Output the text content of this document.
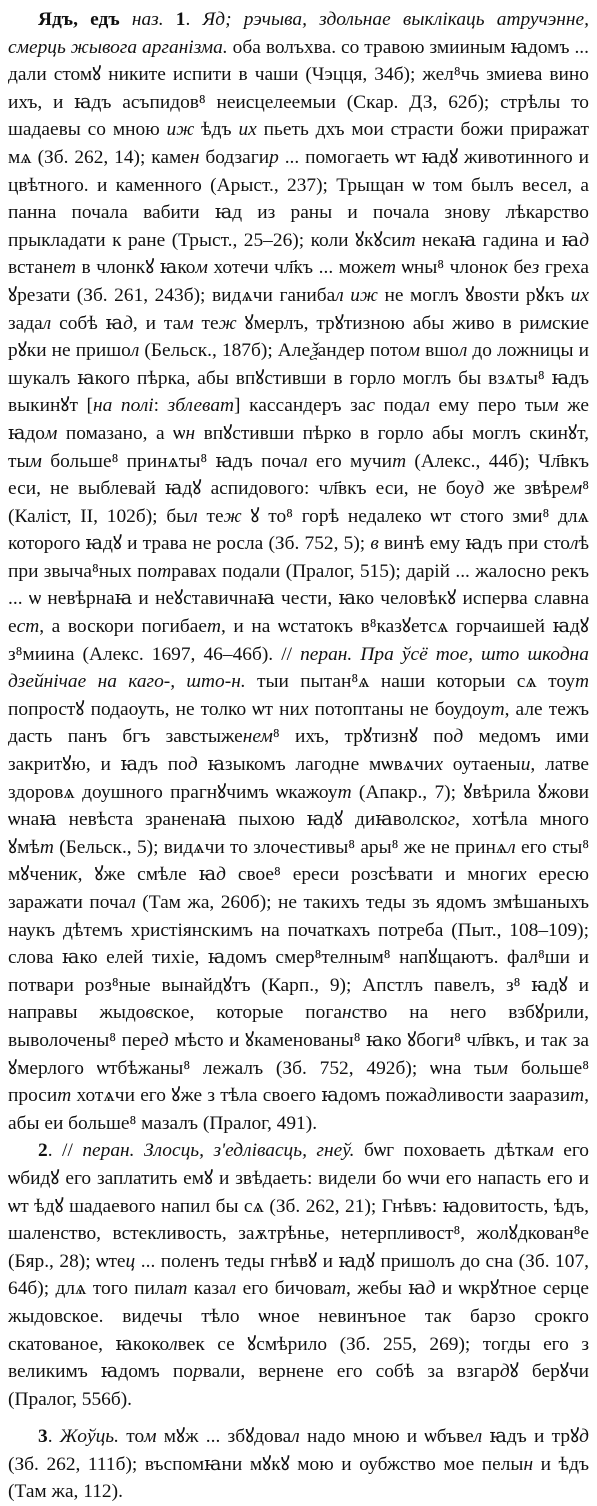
Ядъ, едъ наз. 1. Яд; рэчыва, здольнае выклікаць атручэнне, смерць жывога арганізма. оба волъхва. со травою змииным ꙗдомъ ... дали стомꙋ никите испити в чаши (Чэцця, 34б); жел⁸чь змиева вино ихъ, и ꙗдъ асъпидов⁸ неисцелеемыи (Скар. ДЗ, 62б); стрѣлы то шадаевы со мною иж ѣдъ их пьеть дхъ мои страсти божи приражат мѧ (Зб. 262, 14); камен бодзагир ... помогаеть ѡт ꙗдꙋ животинного и цвѣтного. и каменного (Арыст., 237); Трыщан ѡ том былъ весел, а панна почала вабити ꙗд из раны и почала знову лѣкарство прыкладати к ране (Трыст., 25–26); коли ꙋкꙋсит некаꙗ гадина и ꙗд встанет в члонкꙋ ꙗком хотечи чл҃къ ... может ѡны⁸ члонок без греха ꙋрезати (Зб. 261, 243б); видѧчи ганибал иж не моглъ ꙋвоѕти рꙋкъ их задал собѣ ꙗд, и там теж ꙋмерлъ, трꙋтизною абы живо в римские рꙋки не пришол (Бельск., 187б); Алеѯандер потом вшол до ложницы и шукалъ ꙗкого пѣрка, абы впꙋстивши в горло моглъ бы взѧты⁸ ꙗдъ выкинꙋт [на полі: зблеват] кассандеръ зас подал ему перо тым же ꙗдом помазано, а ѡн впꙋстивши пѣрко в горло абы моглъ скинꙋт, тым больше⁸ принѧты⁸ ꙗдъ почал его мучит (Алекс., 44б); Чл҃вкъ еси, не выблевай ꙗдꙋ аспидового: чл҃вкъ еси, не боуд же звѣрем⁸ (Каліст, II, 102б); был теж ꙋ то⁸ горѣ недалеко ѡт стого зми⁸ длѧ которого ꙗдꙋ и трава не росла (Зб. 752, 5); в винѣ ему ꙗдъ при столѣ при звыча⁸ных потравах подали (Пралог, 515); дарій ... жалосно рекъ ... ѡ невѣрнаꙗ и неꙋставичнаꙗ чести, ꙗко человѣкꙋ исперва славна ест, а воскори погибает, и на ѡстатокъ в⁸казꙋетсѧ горчаишей ꙗдꙋ з⁸миина (Алекс. 1697, 46–46б). // перан. Пра ўсё тое, што шкодна дзейнічае на каго-, што-н. тыи пытан⁸ѧ наши которыи сѧ тоут попростꙋ подаоуть, не толко ѡт них потоптаны не боудоут, але тежъ дасть панъ бгъ завстыженем⁸ ихъ, трꙋтизнꙋ под медомъ ими закритꙋю, и ꙗдъ под ꙗзыкомъ лагодне мѡвѧчих оутаеныи, латве здоровѧ доушного прагнꙋчимъ ѡкажоут (Апакр., 7); ꙋвѣрила ꙋжови ѡнаꙗ невѣста зраненаꙗ пыхою ꙗдꙋ диꙗволског, хотѣла много ꙋмѣт (Бельск., 5); видѧчи то злочестивы⁸ ары⁸ же не принѧл его сты⁸ мꙋченик, ꙋже смѣле ꙗд свое⁸ ереси розсѣвати и многих ересю заражати почал (Там жа, 260б); не такихъ теды зъ ядомъ змѣшаныхъ наукъ дѣтемъ христіянскимъ на початкахъ потреба (Пыт., 108–109); слова ꙗко елей тихіе, ꙗдомъ смер⁸телным⁸ напꙋщаютъ. фал⁸ши и потвари роз⁸ные вынайдꙋтъ (Карп., 9); Апстлъ павелъ, з⁸ ꙗдꙋ и направы жыдовское, которые поганство на него взбꙋрили, выволочены⁸ перед мѣсто и ꙋкаменованы⁸ ꙗко ꙋбоги⁸ чл҃вкъ, и так за ꙋмерлого ѡтбѣжаны⁸ лежалъ (Зб. 752, 492б); ѡна тым больше⁸ просит хотѧчи его ꙋже з тѣла своего ꙗдомъ пожадливости зааразит, абы еи больше⁸ мазалъ (Пралог, 491).

2. // перан. Злосць, з'едлівасць, гнеў. бѡг поховаеть дѣткам его ѡбидꙋ его заплатить емꙋ и звѣдаеть: видели бо ѡчи его напасть его и ѡт ѣдꙋ шадаевого напил бы сѧ (Зб. 262, 21); Гнѣвъ: ꙗдовитость, ѣдъ, шаленство, встекливость, заѫтрѣнье, нетерпливост⁸, жолꙋдкован⁸е (Бяр., 28); ѡтец ... поленъ теды гнѣвꙋ и ꙗдꙋ пришолъ до сна (Зб. 107, 64б); длѧ того пилат казал его бичоват, жебы ꙗд и ѡкрꙋтное серце жыдовское. видечы тѣло ѡное невинъное так барзо срокго скатованое, ꙗкоколвек се ꙋсмѣрило (Зб. 255, 269); тогды его з великимъ ꙗдомъ порвали, вернене его собѣ за взгардꙋ берꙋчи (Пралог, 556б).

3. Жоўць. том мꙋж ... збꙋдовал надо мною и ѡбъвел ꙗдъ и трꙋд (Зб. 262, 111б); въспомꙗни мꙋкꙋ мою и оубжство мое пелын и ѣдъ (Там жа, 112).
